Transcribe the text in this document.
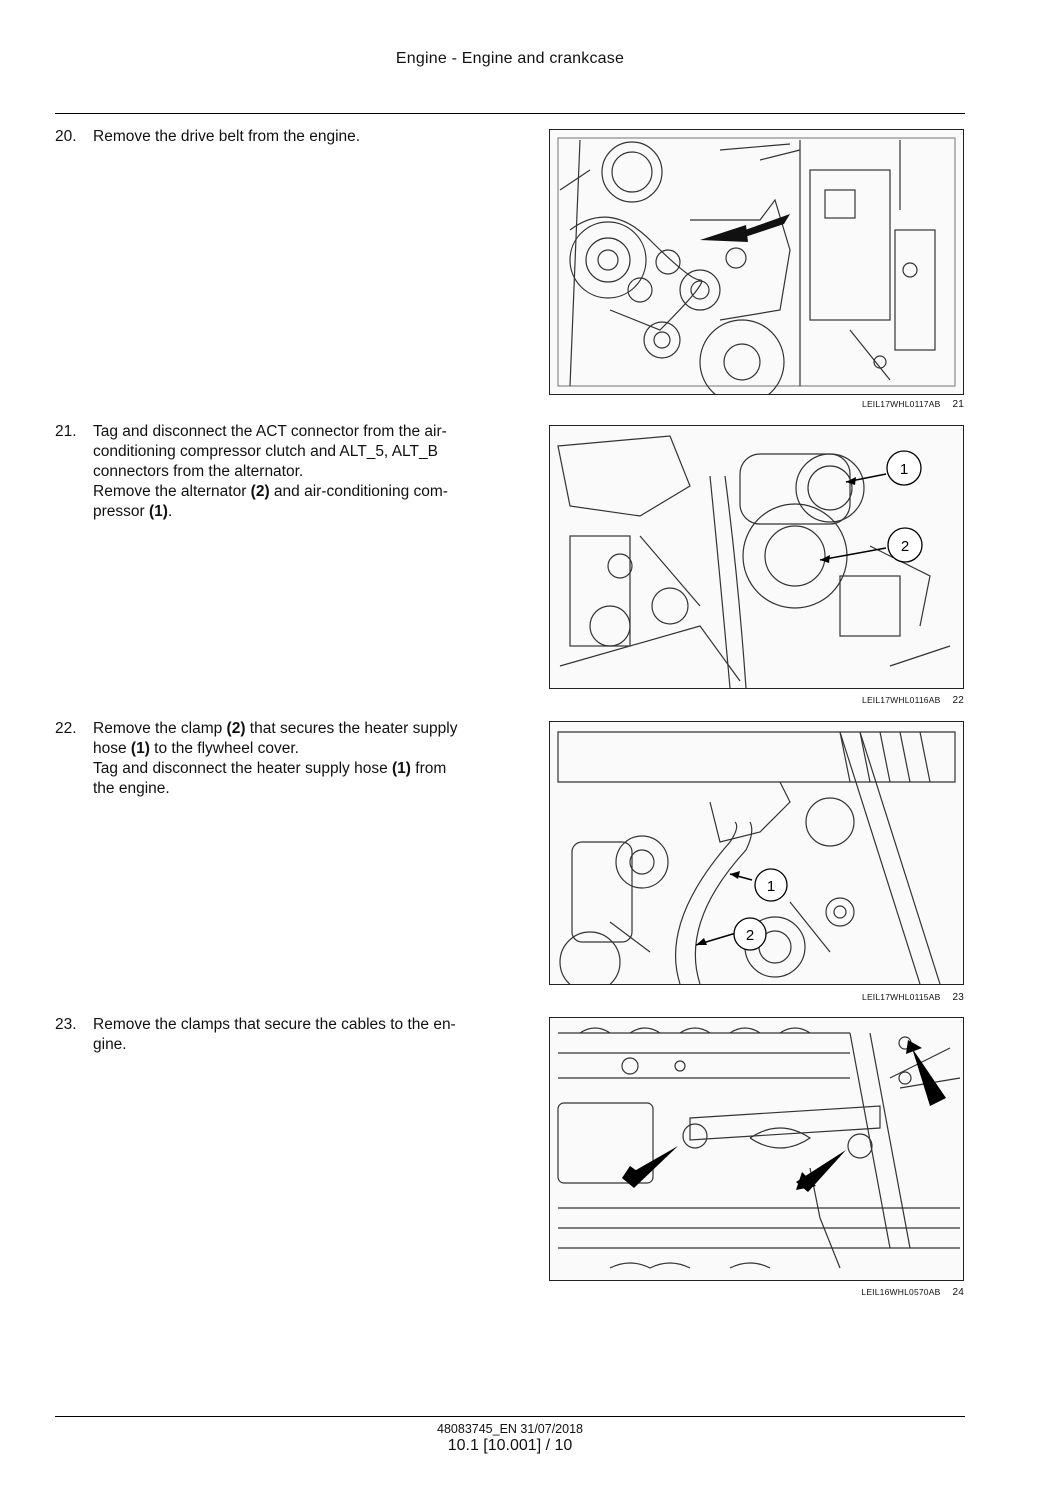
Engine - Engine and crankcase
20. Remove the drive belt from the engine.
LEIL17WHL0117AB 21
21. Tag and disconnect the ACT connector from the air-
conditioning compressor clutch and ALT_5, ALT_B
connectors from the alternator.
Remove the alternator (2) and air-conditioning com-
pressor (1).
1
2
LEIL17WHL0116AB 22
22. Remove the clamp (2) that secures the heater supply
hose (1) to the flywheel cover.
Tag and disconnect the heater supply hose (1) from
the engine.
1
2
LEIL17WHL0115AB 23
23. Remove the clamps that secure the cables to the en-
gine.
LEIL16WHL0570AB 24
48083745_EN 31/07/2018
10.1 [10.001] / 10
